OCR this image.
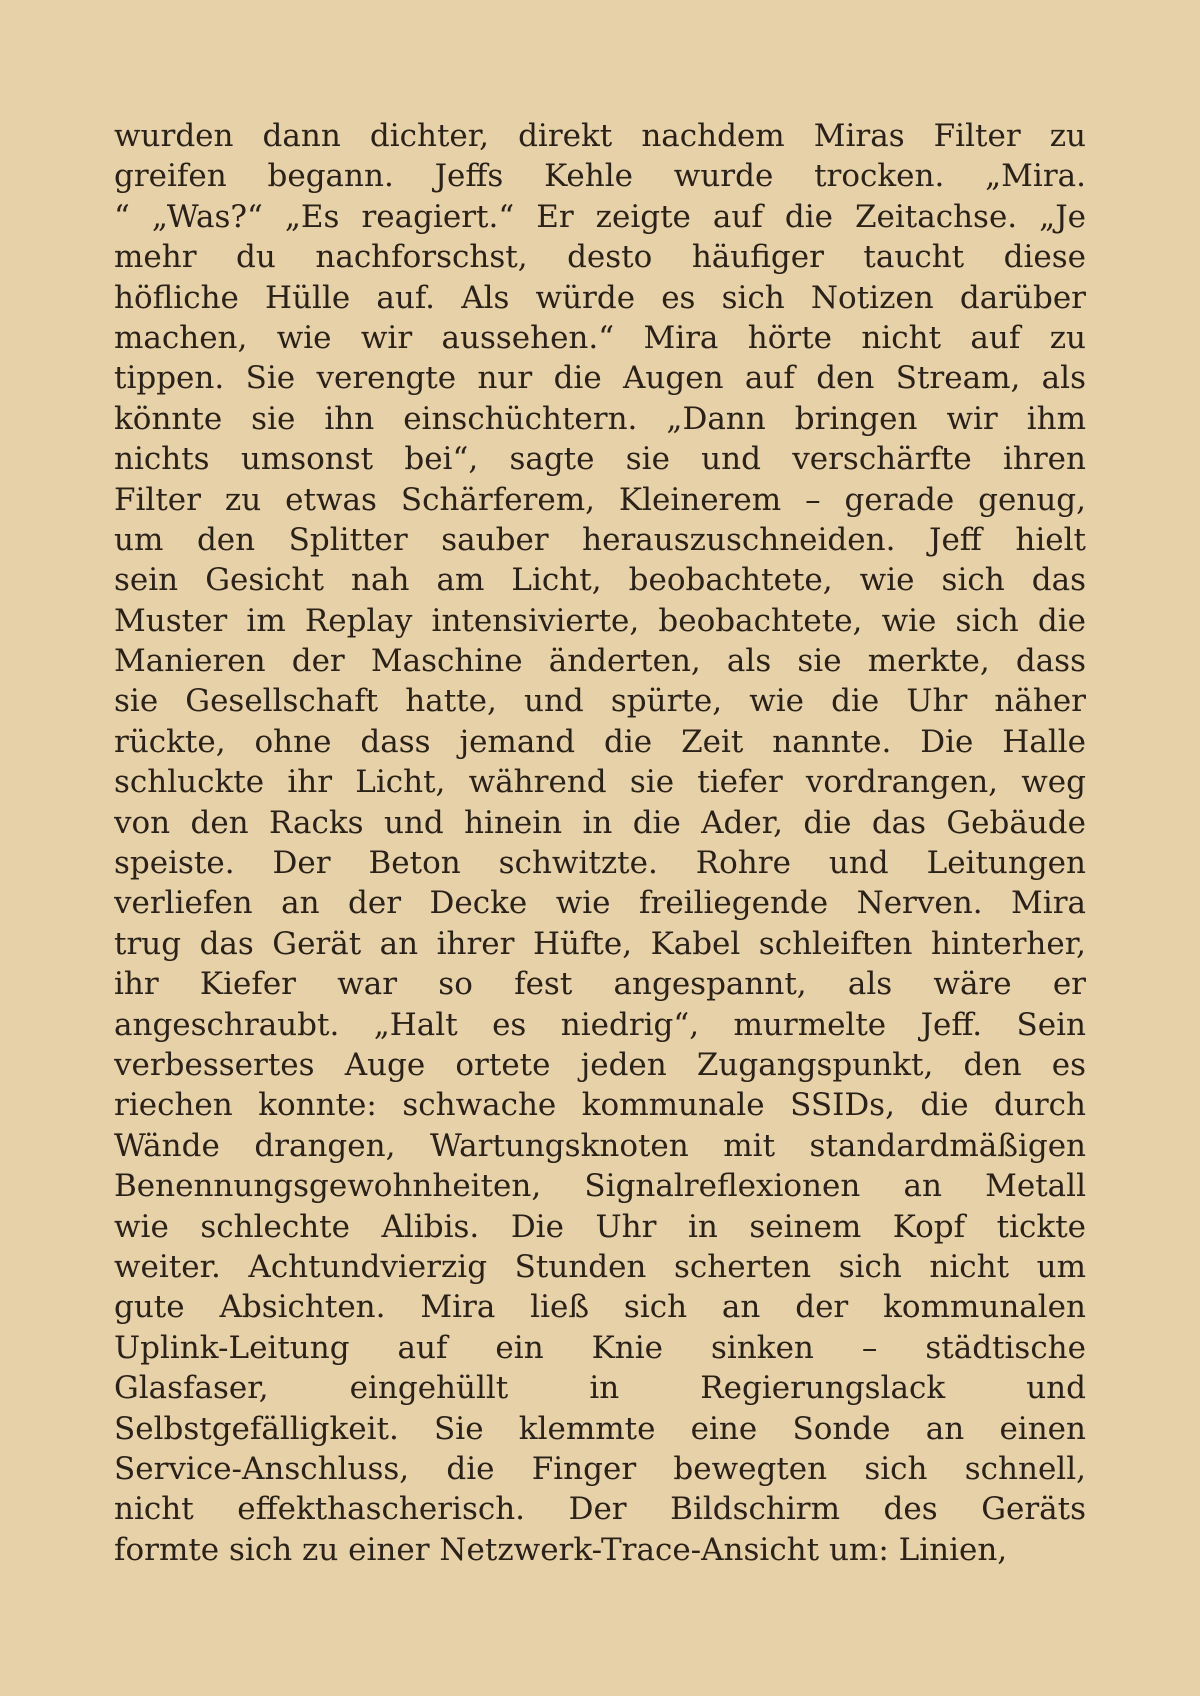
wurden dann dichter, direkt nachdem Miras Filter zu
greifen begann. Jeffs Kehle wurde trocken. „Mira.
“ „Was?“ „Es reagiert.“ Er zeigte auf die Zeitachse. „Je
mehr du nachforschst, desto häufiger taucht diese
höfliche Hülle auf. Als würde es sich Notizen darüber
machen, wie wir aussehen.“ Mira hörte nicht auf zu
tippen. Sie verengte nur die Augen auf den Stream, als
könnte sie ihn einschüchtern. „Dann bringen wir ihm
nichts umsonst bei“, sagte sie und verschärfte ihren
Filter zu etwas Schärferem, Kleinerem – gerade genug,
um den Splitter sauber herauszuschneiden. Jeff hielt
sein Gesicht nah am Licht, beobachtete, wie sich das
Muster im Replay intensivierte, beobachtete, wie sich die
Manieren der Maschine änderten, als sie merkte, dass
sie Gesellschaft hatte, und spürte, wie die Uhr näher
rückte, ohne dass jemand die Zeit nannte. Die Halle
schluckte ihr Licht, während sie tiefer vordrangen, weg
von den Racks und hinein in die Ader, die das Gebäude
speiste. Der Beton schwitzte. Rohre und Leitungen
verliefen an der Decke wie freiliegende Nerven. Mira
trug das Gerät an ihrer Hüfte, Kabel schleiften hinterher,
ihr Kiefer war so fest angespannt, als wäre er
angeschraubt. „Halt es niedrig“, murmelte Jeff. Sein
verbessertes Auge ortete jeden Zugangspunkt, den es
riechen konnte: schwache kommunale SSIDs, die durch
Wände drangen, Wartungsknoten mit standardmäßigen
Benennungsgewohnheiten, Signalreflexionen an Metall
wie schlechte Alibis. Die Uhr in seinem Kopf tickte
weiter. Achtundvierzig Stunden scherten sich nicht um
gute Absichten. Mira ließ sich an der kommunalen
Uplink-Leitung auf ein Knie sinken – städtische
Glasfaser, eingehüllt in Regierungslack und
Selbstgefälligkeit. Sie klemmte eine Sonde an einen
Service-Anschluss, die Finger bewegten sich schnell,
nicht effekthascherisch. Der Bildschirm des Geräts
formte sich zu einer Netzwerk-Trace-Ansicht um: Linien,
